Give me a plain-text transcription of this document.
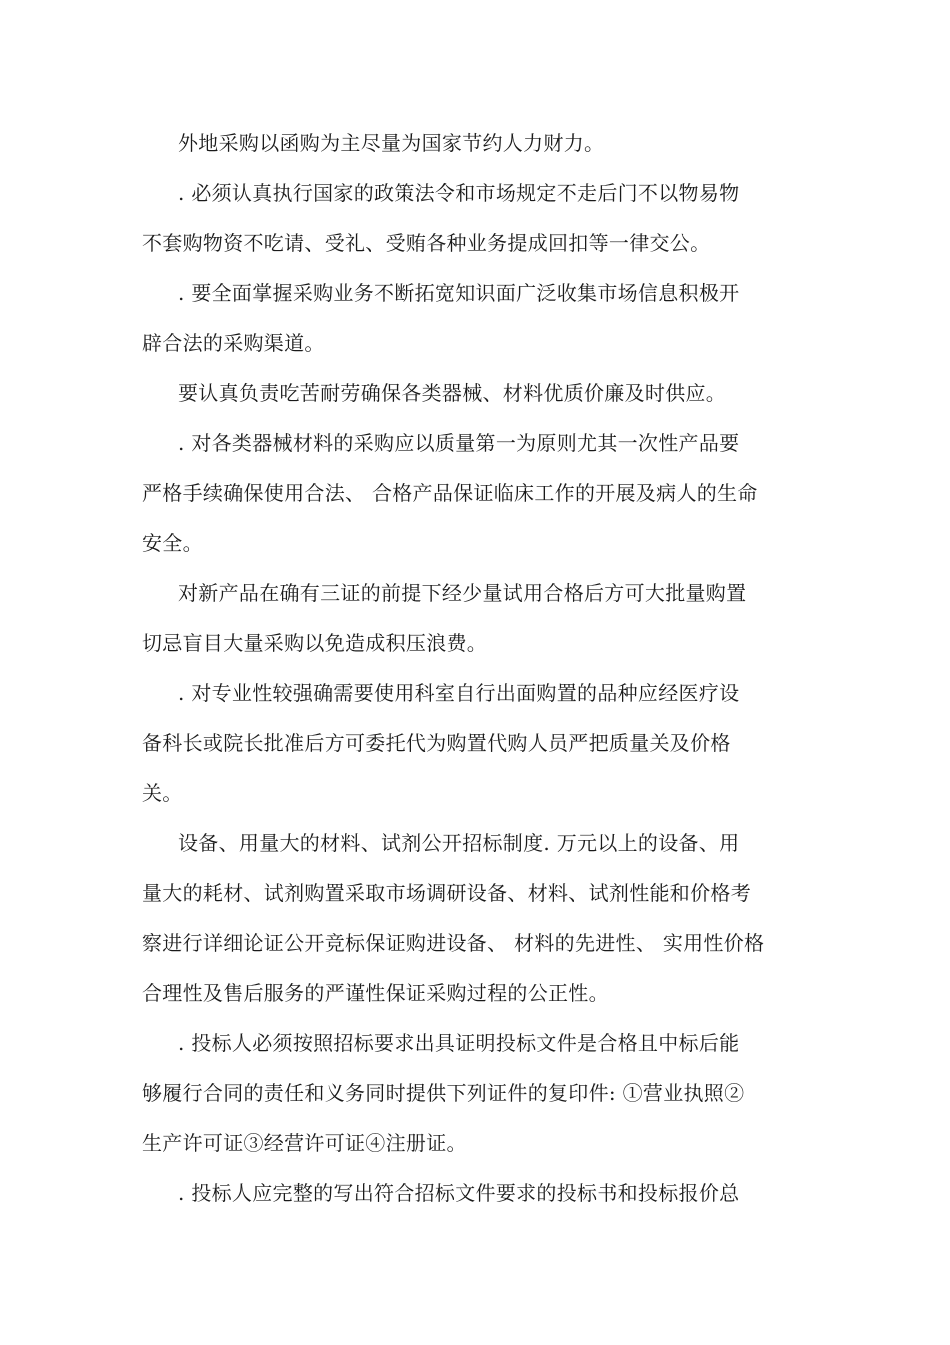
外地采购以函购为主尽量为国家节约人力财力。

. 必须认真执行国家的政策法令和市场规定不走后门不以物易物

不套购物资不吃请、受礼、受贿各种业务提成回扣等一律交公。

. 要全面掌握采购业务不断拓宽知识面广泛收集市场信息积极开

辟合法的采购渠道。

要认真负责吃苦耐劳确保各类器械、材料优质价廉及时供应。

. 对各类器械材料的采购应以质量第一为原则尤其一次性产品要

严格手续确保使用合法、 合格产品保证临床工作的开展及病人的生命

安全。

对新产品在确有三证的前提下经少量试用合格后方可大批量购置

切忌盲目大量采购以免造成积压浪费。

. 对专业性较强确需要使用科室自行出面购置的品种应经医疗设

备科长或院长批准后方可委托代为购置代购人员严把质量关及价格

关。

设备、用量大的材料、试剂公开招标制度. 万元以上的设备、用

量大的耗材、试剂购置采取市场调研设备、材料、试剂性能和价格考

察进行详细论证公开竞标保证购进设备、 材料的先进性、 实用性价格

合理性及售后服务的严谨性保证采购过程的公正性。

. 投标人必须按照招标要求出具证明投标文件是合格且中标后能

够履行合同的责任和义务同时提供下列证件的复印件: ①营业执照②

生产许可证③经营许可证④注册证。

. 投标人应完整的写出符合招标文件要求的投标书和投标报价总
